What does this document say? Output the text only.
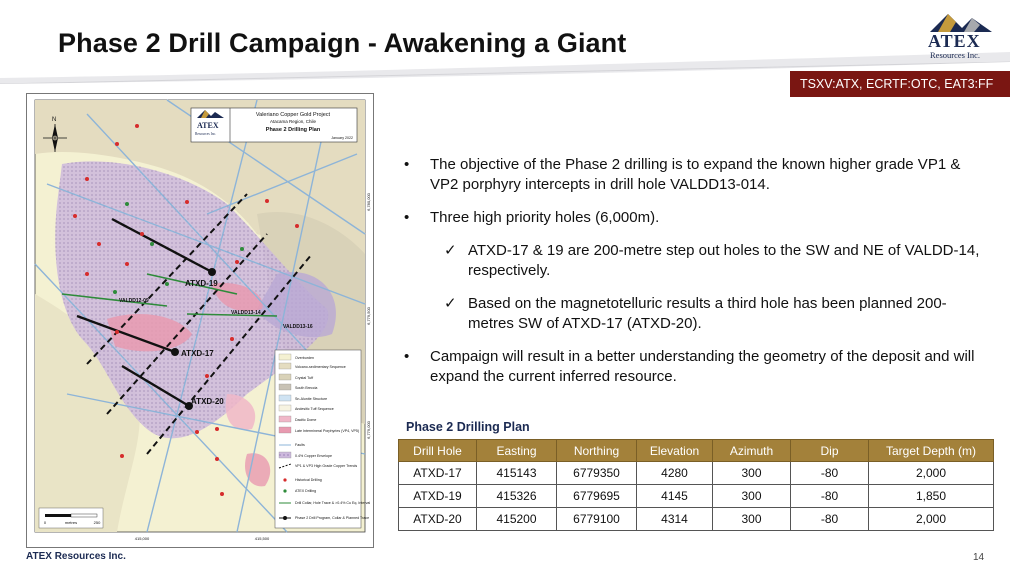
Phase 2 Drill Campaign - Awakening a Giant	ATEX
Resources Inc.
TSXV:ATX, ECRTF:OTC, EAT3:FF
ATXD-19
ATXD-17
ATXD-20
VALDD13-14
VALDD13-16
VALDD12-09
ATEX
Resources Inc.
Valeriano Copper Gold Project
Atacama Region, Chile
Phase 2 Drilling Plan
January 2022
N
Overburden
Volcano-sedimentary Sequence
Crystal Tuff
South Breccia
Sn-Alunite Structure
Andesitic Tuff Sequence
Dacitic Dome
Late Intermineral Porphyries (VP4, VP5)
Faults
0.4% Copper Envelope
VP1 & VP3 High Grade Copper Trends
Historical Drilling
ATEX Drilling
Drill Collar, Hole Trace & >0.4% Cu Eq. Interval
Phase 2 Drill Program, Collar & Planned Trace
415,000	415,500
6,780,000
6,779,500
6,779,000
0	metres	250
• The objective of the Phase 2 drilling is to expand the known higher grade VP1 & VP2 porphyry intercepts in drill hole VALDD13-014.
• Three high priority holes (6,000m).
✓ ATXD-17 & 19 are 200-metre step out holes to the SW and NE of VALDD-14, respectively.
✓ Based on the magnetotelluric results a third hole has been planned 200-metres SW of ATXD-17 (ATXD-20).
• Campaign will result in a better understanding the geometry of the deposit and will expand the current inferred resource.
Phase 2 Drilling Plan
Drill Hole	Easting	Northing	Elevation	Azimuth	Dip	Target Depth (m)
ATXD-17	415143	6779350	4280	300	-80	2,000
ATXD-19	415326	6779695	4145	300	-80	1,850
ATXD-20	415200	6779100	4314	300	-80	2,000
ATEX Resources Inc.	14
